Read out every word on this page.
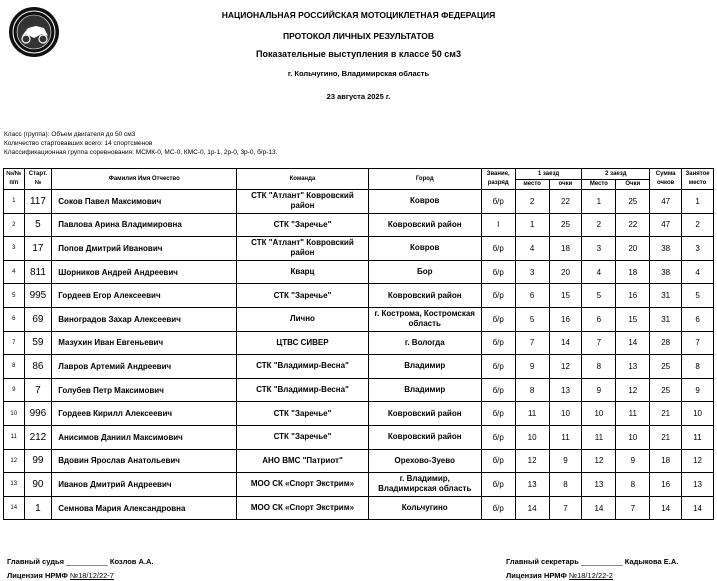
НАЦИОНАЛЬНАЯ РОССИЙСКАЯ МОТОЦИКЛЕТНАЯ ФЕДЕРАЦИЯ
ПРОТОКОЛ ЛИЧНЫХ РЕЗУЛЬТАТОВ
Показательные выступления в классе 50 см3
г. Кольчугино, Владимирская область
23 августа 2025 г.
Класс (группа): Объем двигателя до 50 см3
Количество стартовавших всего: 14 спортсменов
Классификационная группа соревнования: МСМК-0, МС-0, КМС-0, 1р-1, 2р-0, 3р-0, б/р-13.
№/№ п/п	Старт. №	Фамилия Имя Отчество	Команда	Город	Звание, разряд	1 заезд		2 заезд		Сумма очков	Занятое место
						место	очки	Место	Очки		
1	117	Соков Павел Максимович	СТК "Атлант" Ковровский район	Ковров	б/р	2	22	1	25	47	1
2	5	Павлова Арина Владимировна	СТК "Заречье"	Ковровский район	I	1	25	2	22	47	2
3	17	Попов Дмитрий Иванович	СТК "Атлант" Ковровский район	Ковров	б/р	4	18	3	20	38	3
4	811	Шорников Андрей Андреевич	Кварц	Бор	б/р	3	20	4	18	38	4
5	995	Гордеев Егор Алексеевич	СТК "Заречье"	Ковровский район	б/р	6	15	5	16	31	5
6	69	Виноградов Захар Алексеевич	Лично	г. Кострома, Костромская область	б/р	5	16	6	15	31	6
7	59	Мазухин Иван Евгеньевич	ЦТВС СИВЕР	г. Вологда	б/р	7	14	7	14	28	7
8	86	Лавров Артемий Андреевич	СТК "Владимир-Весна"	Владимир	б/р	9	12	8	13	25	8
9	7	Голубев Петр Максимович	СТК "Владимир-Весна"	Владимир	б/р	8	13	9	12	25	9
10	996	Гордеев Кирилл Алексеевич	СТК "Заречье"	Ковровский район	б/р	11	10	10	11	21	10
11	212	Анисимов Даниил Максимович	СТК "Заречье"	Ковровский район	б/р	10	11	11	10	21	11
12	99	Вдовин Ярослав Анатольевич	АНО ВМС "Патриот"	Орехово-Зуево	б/р	12	9	12	9	18	12
13	90	Иванов Дмитрий Андреевич	МОО СК «Спорт Экстрим»	г. Владимир, Владимирская область	б/р	13	8	13	8	16	13
14	1	Семнова Мария Александровна	МОО СК «Спорт Экстрим»	Кольчугино	б/р	14	7	14	7	14	14
Главный судья __________ Козлов А.А.
Лицензия НРМФ №18/12/22-7
Главный секретарь __________ Кадыкова Е.А.
Лицензия НРМФ №18/12/22-2
